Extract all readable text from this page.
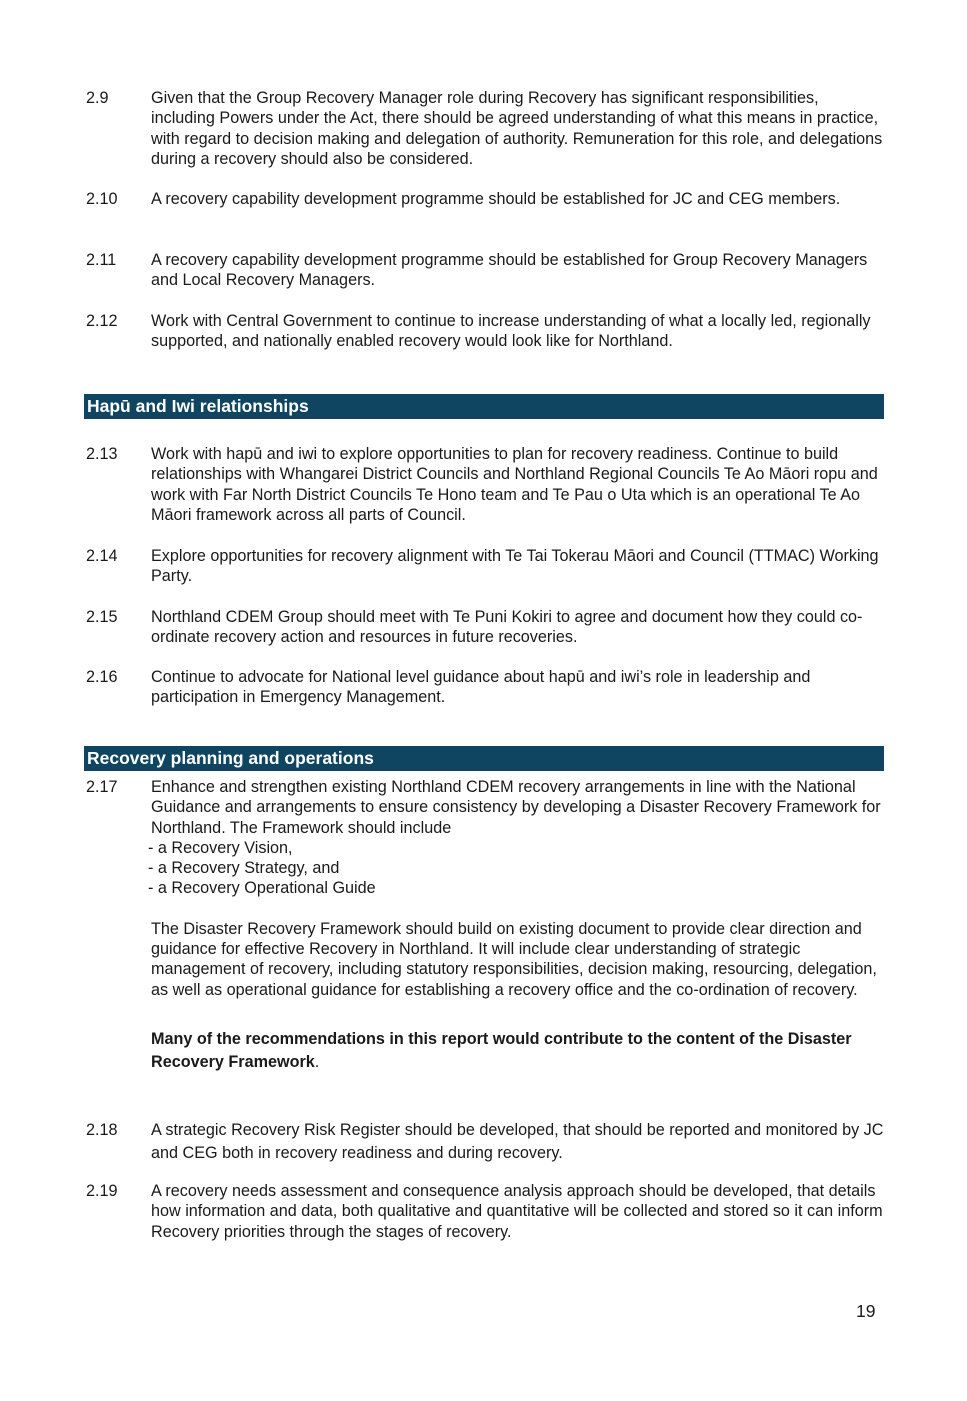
2.9	Given that the Group Recovery Manager role during Recovery has significant responsibilities, including Powers under the Act, there should be agreed understanding of what this means in practice, with regard to decision making and delegation of authority. Remuneration for this role, and delegations during a recovery should also be considered.
2.10	A recovery capability development programme should be established for JC and CEG members.
2.11	A recovery capability development programme should be established for Group Recovery Managers and Local Recovery Managers.
2.12	Work with Central Government to continue to increase understanding of what a locally led, regionally supported, and nationally enabled recovery would look like for Northland.
Hapū and Iwi relationships
2.13	Work with hapū and iwi to explore opportunities to plan for recovery readiness. Continue to build relationships with Whangarei District Councils and Northland Regional Councils Te Ao Māori ropu and work with Far North District Councils Te Hono team and Te Pau o Uta which is an operational Te Ao Māori framework across all parts of Council.
2.14	Explore opportunities for recovery alignment with Te Tai Tokerau Māori and Council (TTMAC) Working Party.
2.15	Northland CDEM Group should meet with Te Puni Kokiri to agree and document how they could co-ordinate recovery action and resources in future recoveries.
2.16	Continue to advocate for National level guidance about hapū and iwi’s role in leadership and participation in Emergency Management.
Recovery planning and operations
2.17	Enhance and strengthen existing Northland CDEM recovery arrangements in line with the National Guidance and arrangements to ensure consistency by developing a Disaster Recovery Framework for Northland. The Framework should include
- a Recovery Vision,
- a Recovery Strategy, and
- a Recovery Operational Guide
The Disaster Recovery Framework should build on existing document to provide clear direction and guidance for effective Recovery in Northland. It will include clear understanding of strategic management of recovery, including statutory responsibilities, decision making, resourcing, delegation, as well as operational guidance for establishing a recovery office and the co-ordination of recovery.
Many of the recommendations in this report would contribute to the content of the Disaster Recovery Framework.
2.18	A strategic Recovery Risk Register should be developed, that should be reported and monitored by JC and CEG both in recovery readiness and during recovery.
2.19	A recovery needs assessment and consequence analysis approach should be developed, that details how information and data, both qualitative and quantitative will be collected and stored so it can inform Recovery priorities through the stages of recovery.
19
